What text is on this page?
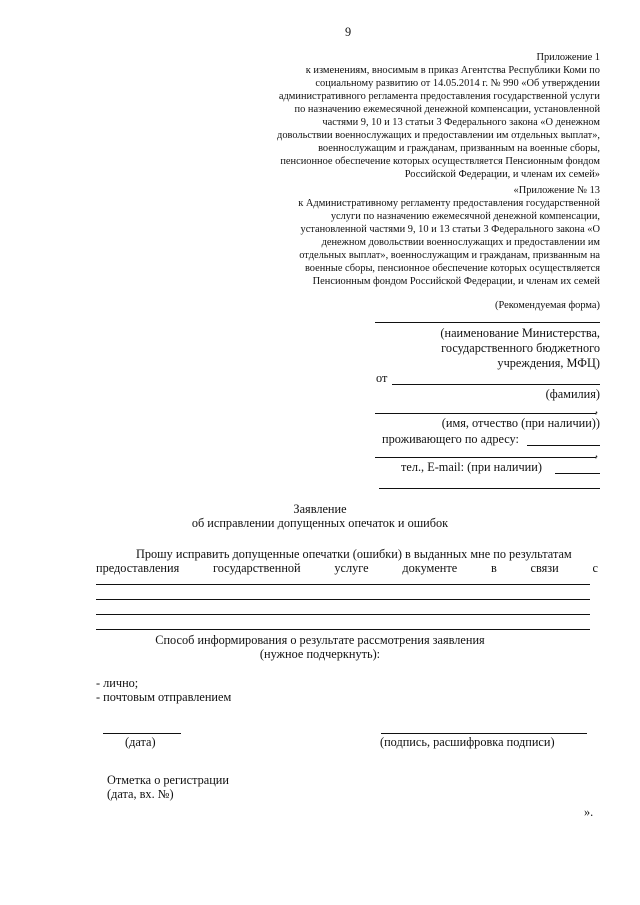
9
Приложение 1
к изменениям, вносимым в приказ Агентства Республики Коми по
социальному развитию от 14.05.2014 г. № 990 «Об утверждении
административного регламента предоставления государственной услуги
по назначению ежемесячной денежной компенсации, установленной
частями 9, 10 и 13 статьи 3 Федерального закона «О денежном
довольствии военнослужащих и предоставлении им отдельных выплат»,
военнослужащим и гражданам, призванным на военные сборы,
пенсионное обеспечение которых осуществляется Пенсионным фондом
Российской Федерации, и членам их семей»
«Приложение № 13
к Административному регламенту предоставления государственной
услуги по назначению ежемесячной денежной компенсации,
установленной частями 9, 10 и 13 статьи 3 Федерального закона «О
денежном довольствии военнослужащих и предоставлении им
отдельных выплат», военнослужащим и гражданам, призванным на
военные сборы, пенсионное обеспечение которых осуществляется
Пенсионным фондом Российской Федерации, и членам их семей
(Рекомендуемая форма)
(наименование Министерства,
государственного бюджетного
учреждения, МФЦ)
от
(фамилия)
,
(имя, отчество (при наличии))
проживающего по адресу:
,
тел., E-mail: (при наличии)
Заявление
об исправлении допущенных опечаток и ошибок
Прошу исправить допущенные опечатки (ошибки) в выданных мне по результатам
предоставления	государственной	услуге	документе	в	связи	с
Способ информирования о результате рассмотрения заявления
(нужное подчеркнуть):
- лично;
- почтовым отправлением
(дата)	(подпись, расшифровка подписи)
Отметка о регистрации
(дата, вх. №)
».
